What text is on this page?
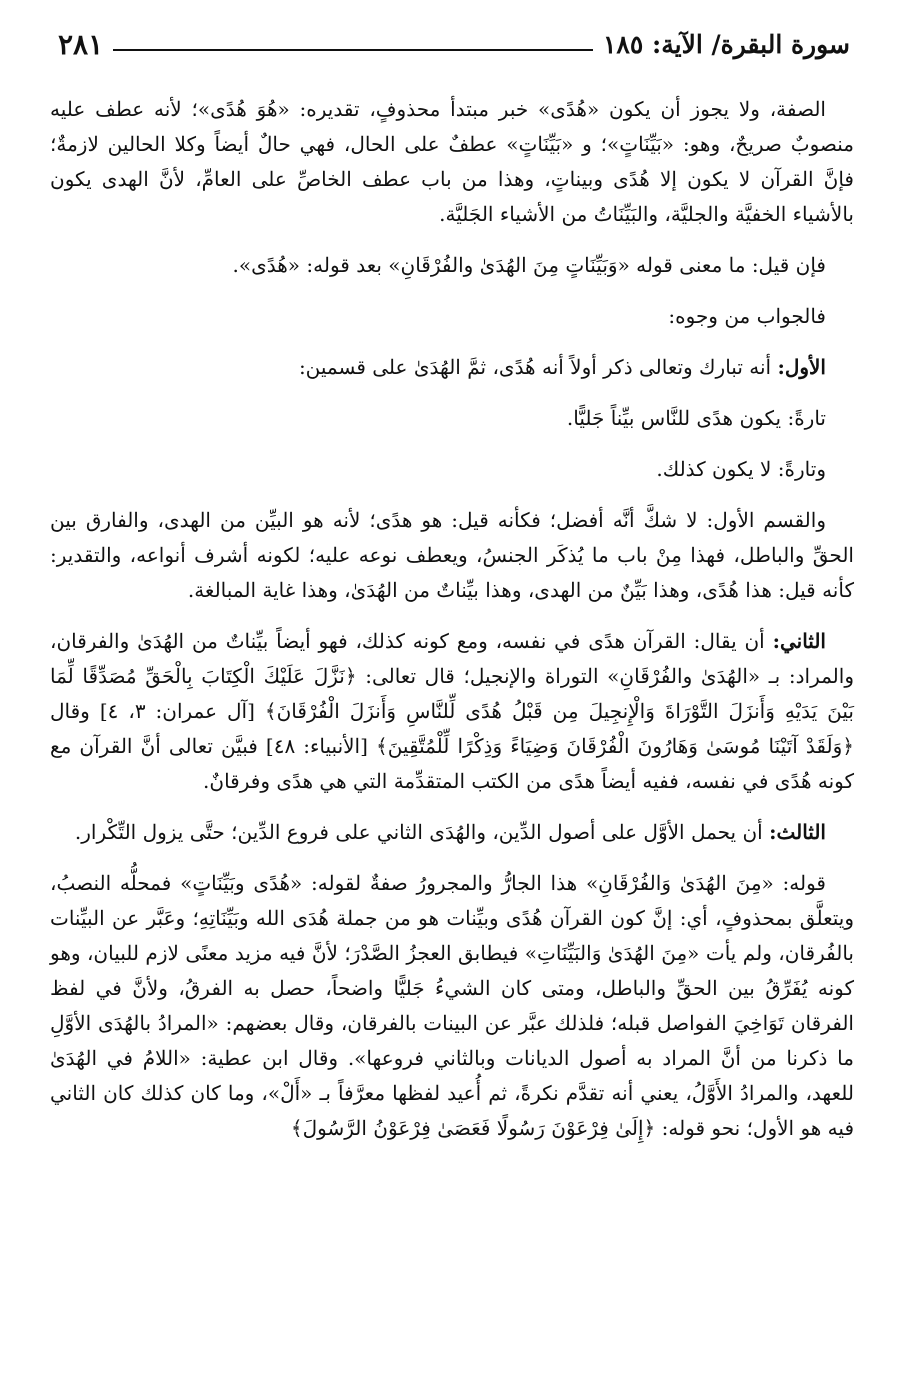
سورة البقرة/ الآية: ١٨٥
٢٨١

الصفة، ولا يجوز أن يكون «هُدًى» خبر مبتدأ محذوفٍ، تقديره: «هُوَ هُدًى»؛ لأنه عطف عليه منصوبٌ صريحٌ، وهو: «بَيِّنَاتٍ»؛ و «بَيِّنَاتٍ» عطفٌ على الحال، فهي حالٌ أيضاً وكلا الحالين لازمةٌ؛ فإنَّ القرآن لا يكون إلا هُدًى وبيناتٍ، وهذا من باب عطف الخاصِّ على العامِّ، لأنَّ الهدى يكون بالأشياء الخفيَّة والجليَّة، والبَيِّنَاتُ من الأشياء الجَليَّة.

فإن قيل: ما معنى قوله «وَبَيِّنَاتٍ مِنَ الهُدَىٰ والفُرْقَانِ» بعد قوله: «هُدًى».

فالجواب من وجوه:

الأول: أنه تبارك وتعالى ذكر أولاً أنه هُدًى، ثمَّ الهُدَىٰ على قسمين:

تارةً: يكون هدًى للنَّاس بيِّناً جَليًّا.

وتارةً: لا يكون كذلك.

والقسم الأول: لا شكَّ أنَّه أفضل؛ فكأنه قيل: هو هدًى؛ لأنه هو البيِّن من الهدى، والفارق بين الحقِّ والباطل، فهذا مِنْ باب ما يُذكَر الجنسُ، ويعطف نوعه عليه؛ لكونه أشرف أنواعه، والتقدير: كأنه قيل: هذا هُدًى، وهذا بَيِّنٌ من الهدى، وهذا بيِّناتٌ من الهُدَىٰ، وهذا غاية المبالغة.

الثاني: أن يقال: القرآن هدًى في نفسه، ومع كونه كذلك، فهو أيضاً بيِّناتٌ من الهُدَىٰ والفرقان، والمراد: بـ «الهُدَىٰ والفُرْقَانِ» التوراة والإنجيل؛ قال تعالى: ﴿نَزَّلَ عَلَيْكَ الْكِتَابَ بِالْحَقِّ مُصَدِّقًا لِّمَا بَيْنَ يَدَيْهِ وَأَنزَلَ التَّوْرَاةَ وَالْإِنجِيلَ مِن قَبْلُ هُدًى لِّلنَّاسِ وَأَنزَلَ الْفُرْقَانَ﴾ [آل عمران: ٣، ٤] وقال ﴿وَلَقَدْ آتَيْنَا مُوسَىٰ وَهَارُونَ الْفُرْقَانَ وَضِيَاءً وَذِكْرًا لِّلْمُتَّقِينَ﴾ [الأنبياء: ٤٨] فبيَّن تعالى أنَّ القرآن مع كونه هُدًى في نفسه، ففيه أيضاً هدًى من الكتب المتقدِّمة التي هي هدًى وفرقانٌ.

الثالث: أن يحمل الأوَّل على أصول الدِّين، والهُدَى الثاني على فروع الدِّين؛ حتَّى يزول التِّكْرار.

قوله: «مِنَ الهُدَىٰ وَالفُرْقَانِ» هذا الجارُّ والمجرورُ صفةٌ لقوله: «هُدًى وبَيِّنَاتٍ» فمحلُّه النصبُ، ويتعلَّق بمحذوفٍ، أي: إنَّ كون القرآن هُدًى وبيِّنات هو من جملة هُدَى الله وبَيِّنَاتِهِ؛ وعَبَّر عن البيِّنات بالفُرقان، ولم يأت «مِنَ الهُدَىٰ وَالبَيِّنَاتِ» فيطابق العجزُ الصَّدْرَ؛ لأنَّ فيه مزيد معنًى لازم للبيان، وهو كونه يُفَرِّقُ بين الحقِّ والباطل، ومتى كان الشيءُ جَليًّا واضحاً، حصل به الفرقُ، ولأنَّ في لفظ الفرقان تَوَاخِيَ الفواصل قبله؛ فلذلك عبَّر عن البينات بالفرقان، وقال بعضهم: «المرادُ بالهُدَى الأوَّلِ ما ذكرنا من أنَّ المراد به أصول الديانات وبالثاني فروعها». وقال ابن عطية: «اللامُ في الهُدَىٰ للعهد، والمرادُ الأَوَّلُ، يعني أنه تقدَّم نكرةً، ثم أُعيد لفظها معرَّفاً بـ «أَلْ»، وما كان كذلك كان الثاني فيه هو الأول؛ نحو قوله: ﴿إِلَىٰ فِرْعَوْنَ رَسُولًا فَعَصَىٰ فِرْعَوْنُ الرَّسُولَ﴾
